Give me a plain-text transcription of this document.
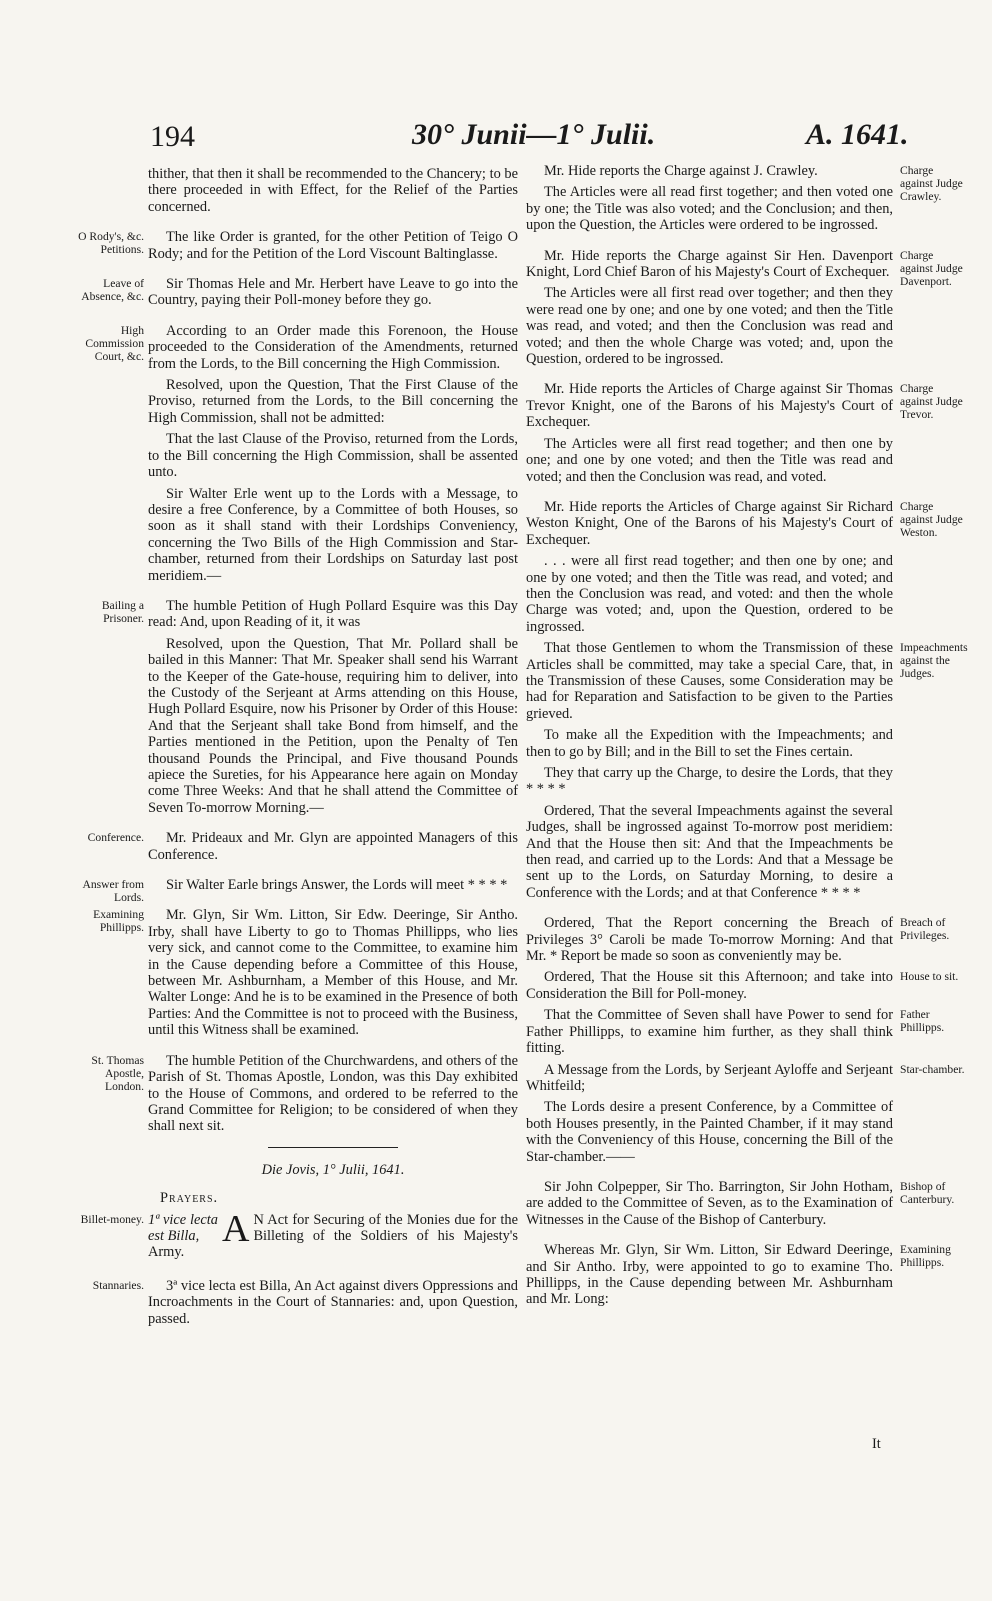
194	30° Junii—1° Julii.	A. 1641.

thither, that then it shall be recommended to the Chancery; to be there proceeded in with Effect, for the Relief of the Parties concerned.

The like Order is granted, for the other Petition of Teigo O Rody; and for the Petition of the Lord Viscount Baltinglasse.

Sir Thomas Hele and Mr. Herbert have Leave to go into the Country, paying their Poll-money before they go.

According to an Order made this Forenoon, the House proceeded to the Consideration of the Amendments, returned from the Lords, to the Bill concerning the High Commission.

Resolved, upon the Question, That the First Clause of the Proviso, returned from the Lords, to the Bill concerning the High Commission, shall not be admitted:

That the last Clause of the Proviso, returned from the Lords, to the Bill concerning the High Commission, shall be assented unto.

Sir Walter Erle went up to the Lords with a Message, to desire a free Conference, by a Committee of both Houses, so soon as it shall stand with their Lordships Conveniency, concerning the Two Bills of the High Commission and Star-chamber, returned from their Lordships on Saturday last post meridiem.—

The humble Petition of Hugh Pollard Esquire was this Day read: And, upon Reading of it, it was

Resolved, upon the Question, That Mr. Pollard shall be bailed in this Manner: That Mr. Speaker shall send his Warrant to the Keeper of the Gate-house, requiring him to deliver, into the Custody of the Serjeant at Arms attending on this House, Hugh Pollard Esquire, now his Prisoner by Order of this House: And that the Serjeant shall take Bond from himself, and the Parties mentioned in the Petition, upon the Penalty of Ten thousand Pounds the Principal, and Five thousand Pounds apiece the Sureties, for his Appearance here again on Monday come Three Weeks: And that he shall attend the Committee of Seven To-morrow Morning.—

Mr. Prideaux and Mr. Glyn are appointed Managers of this Conference.

Sir Walter Earle brings Answer, the Lords will meet * * * *

Mr. Glyn, Sir Wm. Litton, Sir Edw. Deeringe, Sir Antho. Irby, shall have Liberty to go to Thomas Phillipps, who lies very sick, and cannot come to the Committee, to examine him in the Cause depending before a Committee of this House, between Mr. Ashburnham, a Member of this House, and Mr. Walter Longe: And he is to be examined in the Presence of both Parties: And the Committee is not to proceed with the Business, until this Witness shall be examined.

The humble Petition of the Churchwardens, and others of the Parish of St. Thomas Apostle, London, was this Day exhibited to the House of Commons, and ordered to be referred to the Grand Committee for Religion; to be considered of when they shall next sit.

Die Jovis, 1° Julii, 1641.

Prayers.

1ª vice lecta est Billa, A N Act for Securing of the Monies due for the Billeting of the Soldiers of his Majesty's Army.

3ª vice lecta est Billa, An Act against divers Oppressions and Incroachments in the Court of Stannaries: and, upon Question, passed.

Mr. Hide reports the Charge against J. Crawley.

The Articles were all read first together; and then voted one by one; the Title was also voted; and the Conclusion; and then, upon the Question, the Articles were ordered to be ingrossed.

Mr. Hide reports the Charge against Sir Hen. Davenport Knight, Lord Chief Baron of his Majesty's Court of Exchequer.

The Articles were all first read over together; and then they were read one by one; and one by one voted; and then the Title was read, and voted; and then the Conclusion was read and voted; and then the whole Charge was voted; and, upon the Question, ordered to be ingrossed.

Mr. Hide reports the Articles of Charge against Sir Thomas Trevor Knight, one of the Barons of his Majesty's Court of Exchequer.

The Articles were all first read together; and then one by one; and one by one voted; and then the Title was read and voted; and then the Conclusion was read, and voted.

Mr. Hide reports the Articles of Charge against Sir Richard Weston Knight, One of the Barons of his Majesty's Court of Exchequer.

. . . were all first read together; and then one by one; and one by one voted; and then the Title was read, and voted; and then the Conclusion was read, and voted: and then the whole Charge was voted; and, upon the Question, ordered to be ingrossed.

That those Gentlemen to whom the Transmission of these Articles shall be committed, may take a special Care, that, in the Transmission of these Causes, some Consideration may be had for Reparation and Satisfaction to be given to the Parties grieved.

To make all the Expedition with the Impeachments; and then to go by Bill; and in the Bill to set the Fines certain.

They that carry up the Charge, to desire the Lords, that they * * * *

Ordered, That the several Impeachments against the several Judges, shall be ingrossed against To-morrow post meridiem: And that the House then sit: And that the Impeachments be then read, and carried up to the Lords: And that a Message be sent up to the Lords, on Saturday Morning, to desire a Conference with the Lords; and at that Conference * * * *

Ordered, That the Report concerning the Breach of Privileges 3° Caroli be made To-morrow Morning: And that Mr. * Report be made so soon as conveniently may be.

Ordered, That the House sit this Afternoon; and take into Consideration the Bill for Poll-money.

That the Committee of Seven shall have Power to send for Father Phillipps, to examine him further, as they shall think fitting.

A Message from the Lords, by Serjeant Ayloffe and Serjeant Whitfeild;

The Lords desire a present Conference, by a Committee of both Houses presently, in the Painted Chamber, if it may stand with the Conveniency of this House, concerning the Bill of the Star-chamber.——

Sir John Colpepper, Sir Tho. Barrington, Sir John Hotham, are added to the Committee of Seven, as to the Examination of Witnesses in the Cause of the Bishop of Canterbury.

Whereas Mr. Glyn, Sir Wm. Litton, Sir Edward Deeringe, and Sir Antho. Irby, were appointed to go to examine Tho. Phillipps, in the Cause depending between Mr. Ashburnham and Mr. Long:

O Rody's, &c. Petitions.
Leave of Absence, &c.
High Commission Court, &c.
Bailing a Prisoner.
Conference.
Answer from Lords.
Examining Phillipps.
St. Thomas Apostle, London.
Billet-money.
Stannaries.
Charge against Judge Crawley.
Charge against Judge Davenport.
Charge against Judge Trevor.
Charge against Judge Weston.
Impeachments against the Judges.
Breach of Privileges.
House to sit.
Father Phillipps.
Star-chamber.
Bishop of Canterbury.
Examining Phillipps.
It
